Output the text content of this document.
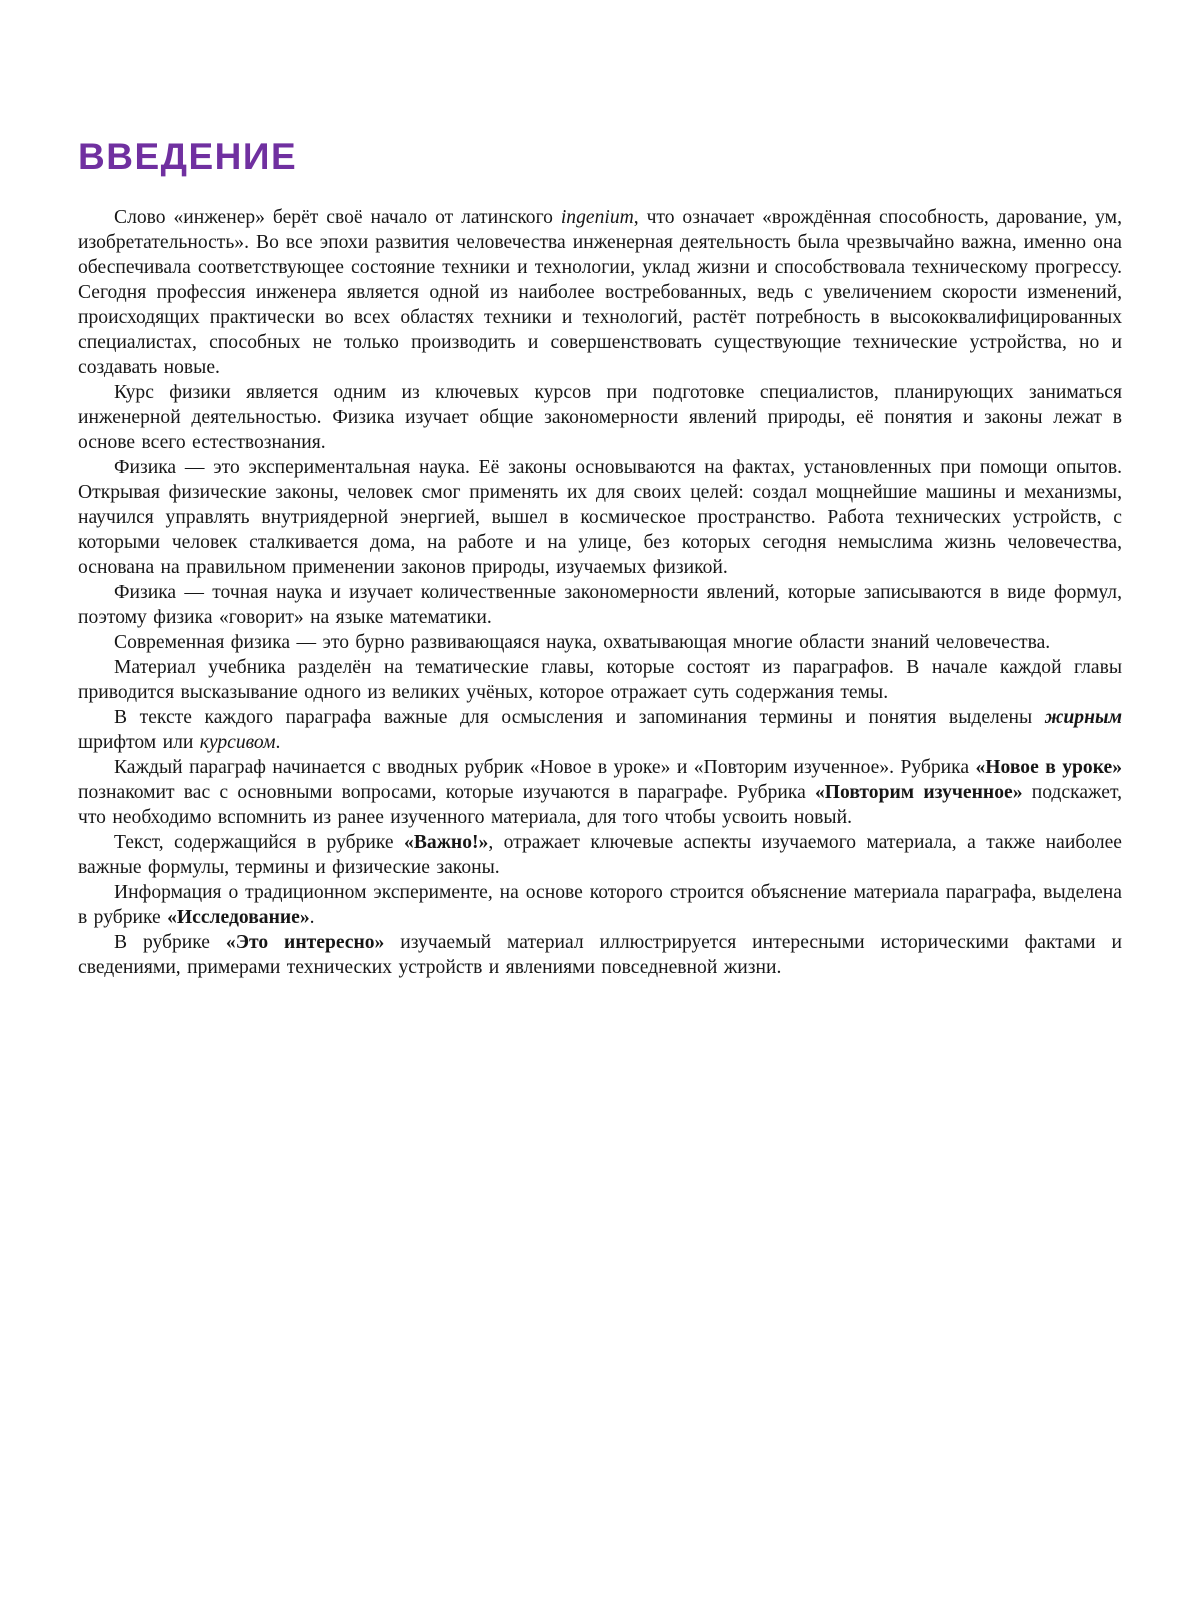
ВВЕДЕНИЕ

Слово «инженер» берёт своё начало от латинского ingenium, что означает «врождённая способность, дарование, ум, изобретательность». Во все эпохи развития человечества инженерная деятельность была чрезвычайно важна, именно она обеспечивала соответствующее состояние техники и технологии, уклад жизни и способствовала техническому прогрессу. Сегодня профессия инженера является одной из наиболее востребованных, ведь с увеличением скорости изменений, происходящих практически во всех областях техники и технологий, растёт потребность в высококвалифицированных специалистах, способных не только производить и совершенствовать существующие технические устройства, но и создавать новые.

Курс физики является одним из ключевых курсов при подготовке специалистов, планирующих заниматься инженерной деятельностью. Физика изучает общие закономерности явлений природы, её понятия и законы лежат в основе всего естествознания.

Физика — это экспериментальная наука. Её законы основываются на фактах, установленных при помощи опытов. Открывая физические законы, человек смог применять их для своих целей: создал мощнейшие машины и механизмы, научился управлять внутриядерной энергией, вышел в космическое пространство. Работа технических устройств, с которыми человек сталкивается дома, на работе и на улице, без которых сегодня немыслима жизнь человечества, основана на правильном применении законов природы, изучаемых физикой.

Физика — точная наука и изучает количественные закономерности явлений, которые записываются в виде формул, поэтому физика «говорит» на языке математики.

Современная физика — это бурно развивающаяся наука, охватывающая многие области знаний человечества.

Материал учебника разделён на тематические главы, которые состоят из параграфов. В начале каждой главы приводится высказывание одного из великих учёных, которое отражает суть содержания темы.

В тексте каждого параграфа важные для осмысления и запоминания термины и понятия выделены жирным шрифтом или курсивом.

Каждый параграф начинается с вводных рубрик «Новое в уроке» и «Повторим изученное». Рубрика «Новое в уроке» познакомит вас с основными вопросами, которые изучаются в параграфе. Рубрика «Повторим изученное» подскажет, что необходимо вспомнить из ранее изученного материала, для того чтобы усвоить новый.

Текст, содержащийся в рубрике «Важно!», отражает ключевые аспекты изучаемого материала, а также наиболее важные формулы, термины и физические законы.

Информация о традиционном эксперименте, на основе которого строится объяснение материала параграфа, выделена в рубрике «Исследование».

В рубрике «Это интересно» изучаемый материал иллюстрируется интересными историческими фактами и сведениями, примерами технических устройств и явлениями повседневной жизни.
